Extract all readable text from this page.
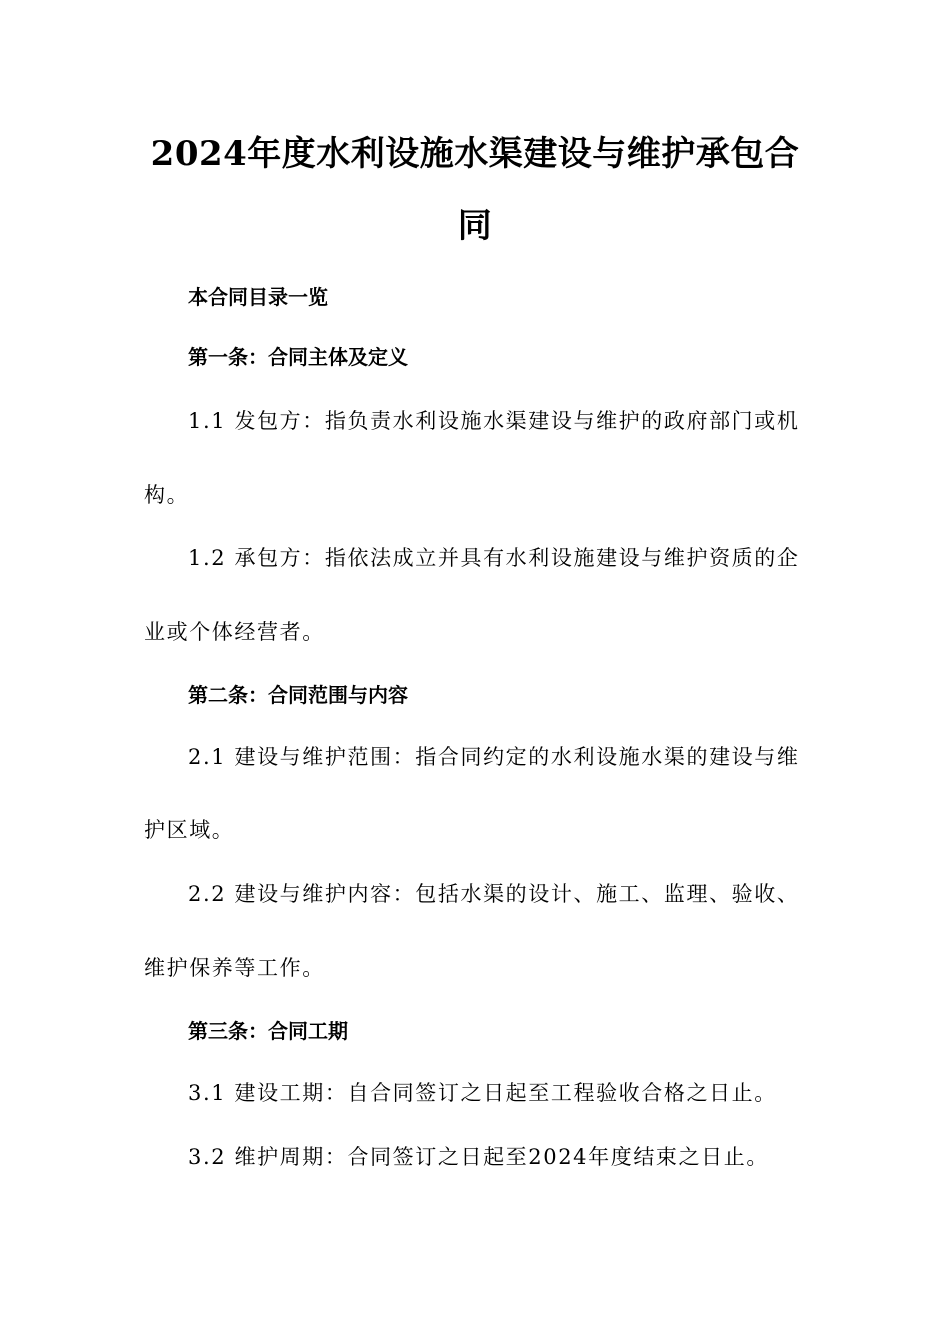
2024年度水利设施水渠建设与维护承包合
同
本合同目录一览
第一条：合同主体及定义
1.1 发包方：指负责水利设施水渠建设与维护的政府部门或机
构。
1.2 承包方：指依法成立并具有水利设施建设与维护资质的企
业或个体经营者。
第二条：合同范围与内容
2.1 建设与维护范围：指合同约定的水利设施水渠的建设与维
护区域。
2.2 建设与维护内容：包括水渠的设计、施工、监理、验收、
维护保养等工作。
第三条：合同工期
3.1 建设工期：自合同签订之日起至工程验收合格之日止。
3.2 维护周期：合同签订之日起至2024年度结束之日止。
